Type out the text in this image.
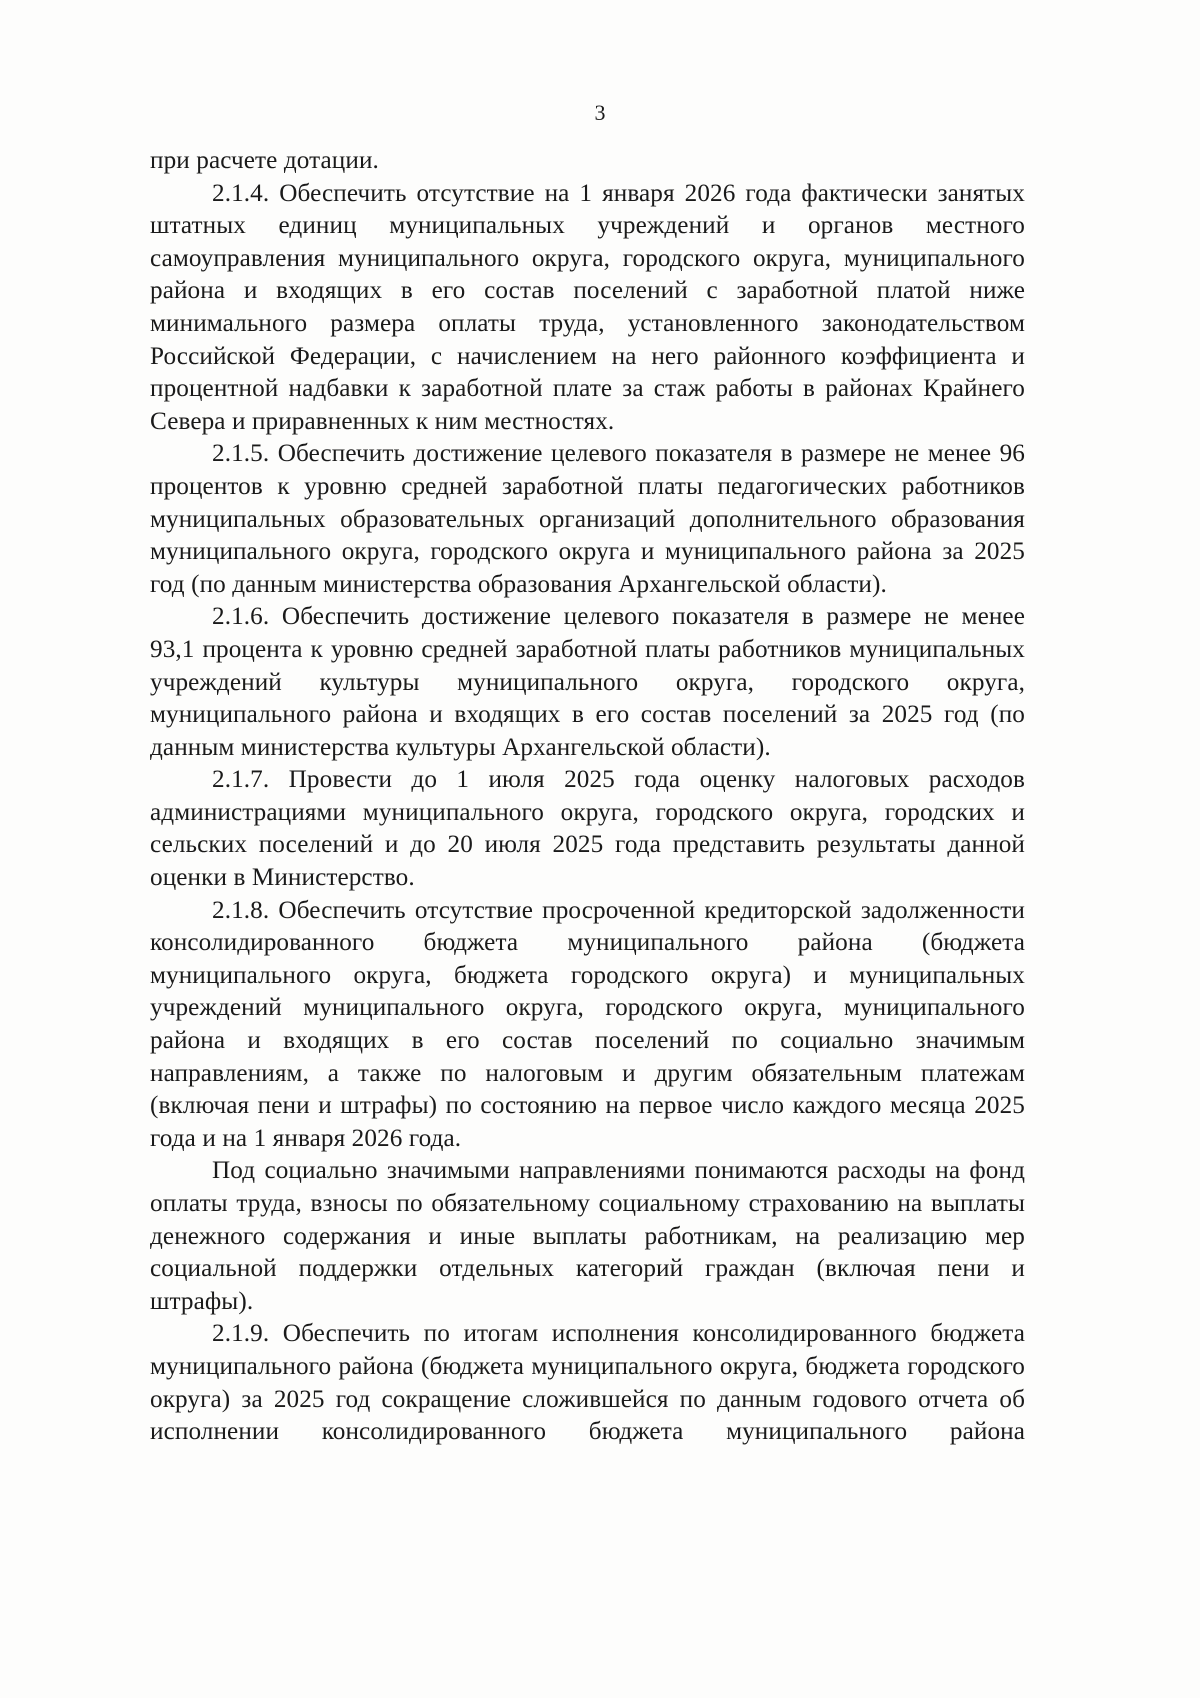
3

при расчете дотации.

2.1.4. Обеспечить отсутствие на 1 января 2026 года фактически занятых штатных единиц муниципальных учреждений и органов местного самоуправления муниципального округа, городского округа, муниципального района и входящих в его состав поселений с заработной платой ниже минимального размера оплаты труда, установленного законодательством Российской Федерации, с начислением на него районного коэффициента и процентной надбавки к заработной плате за стаж работы в районах Крайнего Севера и приравненных к ним местностях.

2.1.5. Обеспечить достижение целевого показателя в размере не менее 96 процентов к уровню средней заработной платы педагогических работников муниципальных образовательных организаций дополнительного образования муниципального округа, городского округа и муниципального района за 2025 год (по данным министерства образования Архангельской области).

2.1.6. Обеспечить достижение целевого показателя в размере не менее 93,1 процента к уровню средней заработной платы работников муниципальных учреждений культуры муниципального округа, городского округа, муниципального района и входящих в его состав поселений за 2025 год (по данным министерства культуры Архангельской области).

2.1.7. Провести до 1 июля 2025 года оценку налоговых расходов администрациями муниципального округа, городского округа, городских и сельских поселений и до 20 июля 2025 года представить результаты данной оценки в Министерство.

2.1.8. Обеспечить отсутствие просроченной кредиторской задолженности консолидированного бюджета муниципального района (бюджета муниципального округа, бюджета городского округа) и муниципальных учреждений муниципального округа, городского округа, муниципального района и входящих в его состав поселений по социально значимым направлениям, а также по налоговым и другим обязательным платежам (включая пени и штрафы) по состоянию на первое число каждого месяца 2025 года и на 1 января 2026 года.

Под социально значимыми направлениями понимаются расходы на фонд оплаты труда, взносы по обязательному социальному страхованию на выплаты денежного содержания и иные выплаты работникам, на реализацию мер социальной поддержки отдельных категорий граждан (включая пени и штрафы).

2.1.9. Обеспечить по итогам исполнения консолидированного бюджета муниципального района (бюджета муниципального округа, бюджета городского округа) за 2025 год сокращение сложившейся по данным годового отчета об исполнении консолидированного бюджета муниципального района
